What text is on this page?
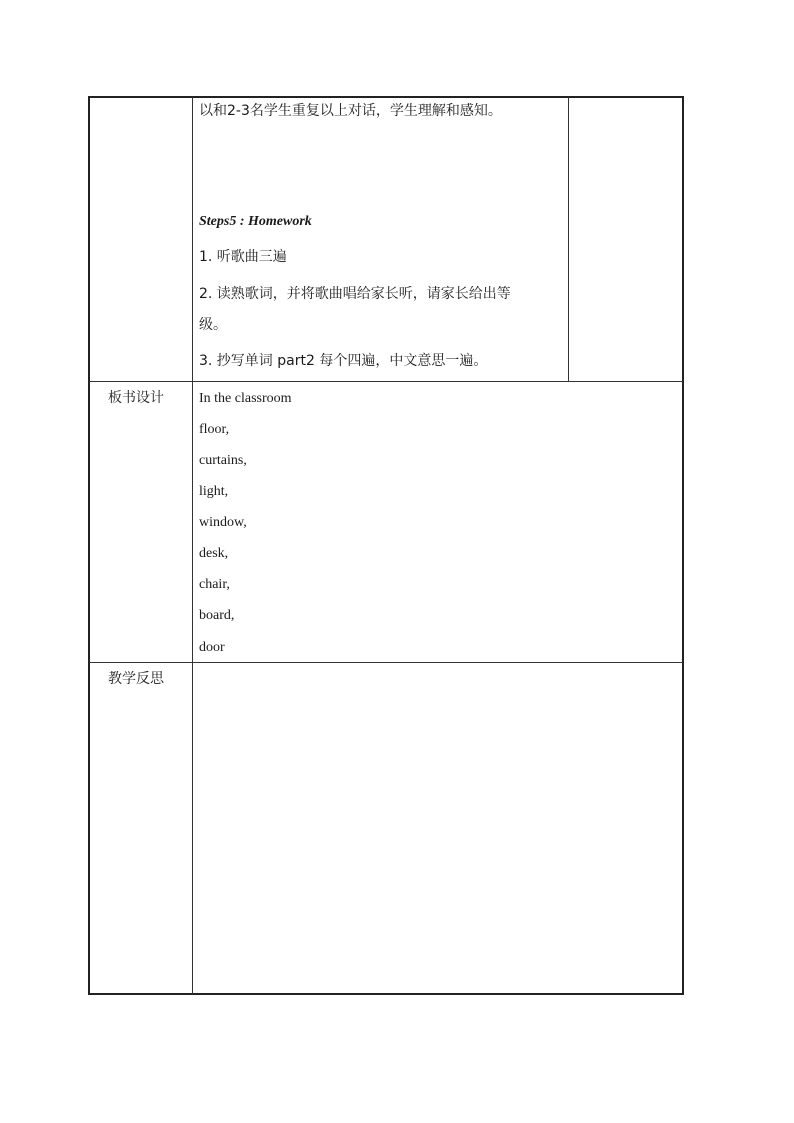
以和2-3名学生重复以上对话，学生理解和感知。
Steps5 : Homework
1. 听歌曲三遍
2. 读熟歌词，并将歌曲唱给家长听，请家长给出等
级。
3. 抄写单词 part2 每个四遍，中文意思一遍。
板书设计	In the classroom
floor,
curtains,
light,
window,
desk,
chair,
board,
door
教学反思
